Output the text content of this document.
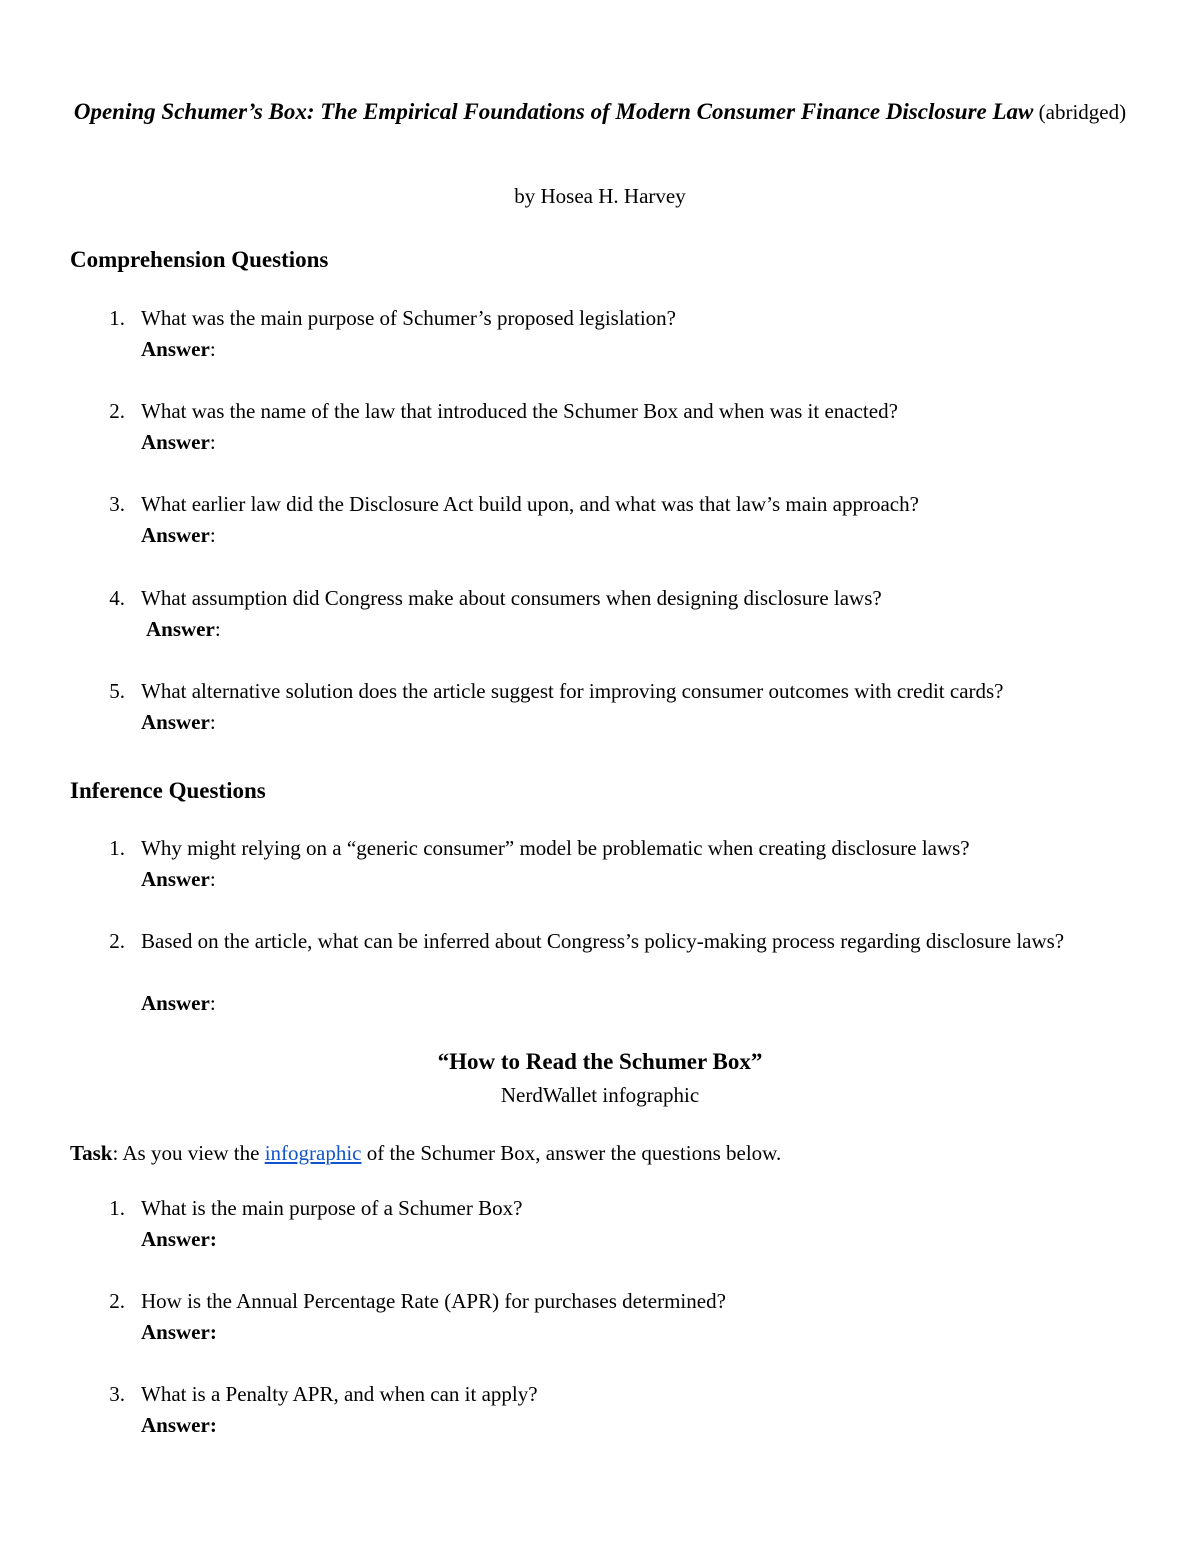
Opening Schumer’s Box: The Empirical Foundations of Modern Consumer Finance Disclosure Law (abridged)
by Hosea H. Harvey
Comprehension Questions
1. What was the main purpose of Schumer’s proposed legislation?
Answer:
2. What was the name of the law that introduced the Schumer Box and when was it enacted?
Answer:
3. What earlier law did the Disclosure Act build upon, and what was that law’s main approach?
Answer:
4. What assumption did Congress make about consumers when designing disclosure laws?
Answer:
5. What alternative solution does the article suggest for improving consumer outcomes with credit cards?
Answer:
Inference Questions
1. Why might relying on a “generic consumer” model be problematic when creating disclosure laws?
Answer:
2. Based on the article, what can be inferred about Congress’s policy-making process regarding disclosure laws?
Answer:
“How to Read the Schumer Box”
NerdWallet infographic
Task: As you view the infographic of the Schumer Box, answer the questions below.
1. What is the main purpose of a Schumer Box?
Answer:
2. How is the Annual Percentage Rate (APR) for purchases determined?
Answer:
3. What is a Penalty APR, and when can it apply?
Answer:
